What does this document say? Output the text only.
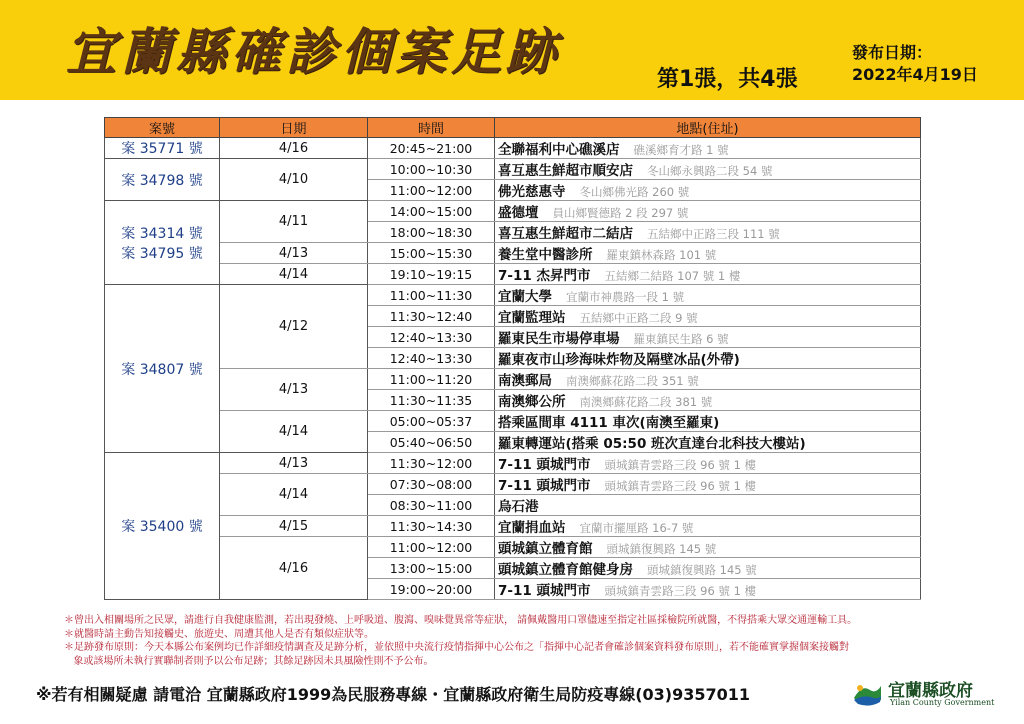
宜蘭縣確診個案足跡	第1張，共4張
發布日期：
2022年4月19日
案號	日期	時間	地點(住址)

案 35771 號	4/16	20:45~21:00	全聯福利中心礁溪店 礁溪鄉育才路 1 號

案 34798 號	4/10	10:00~10:30	喜互惠生鮮超市順安店 冬山鄉永興路二段 54 號
		11:00~12:00	佛光慈惠寺 冬山鄉佛光路 260 號

案 34314 號
案 34795 號	4/11	14:00~15:00	盛德壇 員山鄉賢德路 2 段 297 號
		18:00~18:30	喜互惠生鮮超市二結店 五結鄉中正路三段 111 號
	4/13	15:00~15:30	養生堂中醫診所 羅東鎮林森路 101 號
	4/14	19:10~19:15	7-11 杰昇門市 五結鄉二結路 107 號 1 樓

案 34807 號	4/12	11:00~11:30	宜蘭大學 宜蘭市神農路一段 1 號
		11:30~12:40	宜蘭監理站 五結鄉中正路二段 9 號
		12:40~13:30	羅東民生市場停車場 羅東鎮民生路 6 號
		12:40~13:30	羅東夜市山珍海味炸物及隔壁冰品(外帶)
	4/13	11:00~11:20	南澳郵局 南澳鄉蘇花路二段 351 號
		11:30~11:35	南澳鄉公所 南澳鄉蘇花路二段 381 號
	4/14	05:00~05:37	搭乘區間車 4111 車次(南澳至羅東)
		05:40~06:50	羅東轉運站(搭乘 05:50 班次直達台北科技大樓站)

案 35400 號	4/13	11:30~12:00	7-11 頭城門市 頭城鎮青雲路三段 96 號 1 樓
	4/14	07:30~08:00	7-11 頭城門市 頭城鎮青雲路三段 96 號 1 樓
		08:30~11:00	烏石港
	4/15	11:30~14:30	宜蘭捐血站 宜蘭市擺厘路 16-7 號
	4/16	11:00~12:00	頭城鎮立體育館 頭城鎮復興路 145 號
		13:00~15:00	頭城鎮立體育館健身房 頭城鎮復興路 145 號
		19:00~20:00	7-11 頭城門市 頭城鎮青雲路三段 96 號 1 樓

＊曾出入相關場所之民眾，請進行自我健康監測，若出現發燒、上呼吸道、腹瀉、嗅味覺異常等症狀， 請佩戴醫用口罩儘速至指定社區採檢院所就醫，不得搭乘大眾交通運輸工具。

＊就醫時請主動告知接觸史、旅遊史、周遭其他人是否有類似症狀等。

＊足跡發布原則：今天本縣公布案例均已作詳細疫情調查及足跡分析，並依照中央流行疫情指揮中心公布之「指揮中心記者會確診個案資料發布原則」，若不能確實掌握個案接觸對

象或該場所未執行實聯制者則予以公布足跡；其餘足跡因未具風險性則不予公布。

※若有相關疑慮 請電洽 宜蘭縣政府1999為民服務專線・宜蘭縣政府衛生局防疫專線(03)9357011	宜蘭縣政府
Yilan County Government
